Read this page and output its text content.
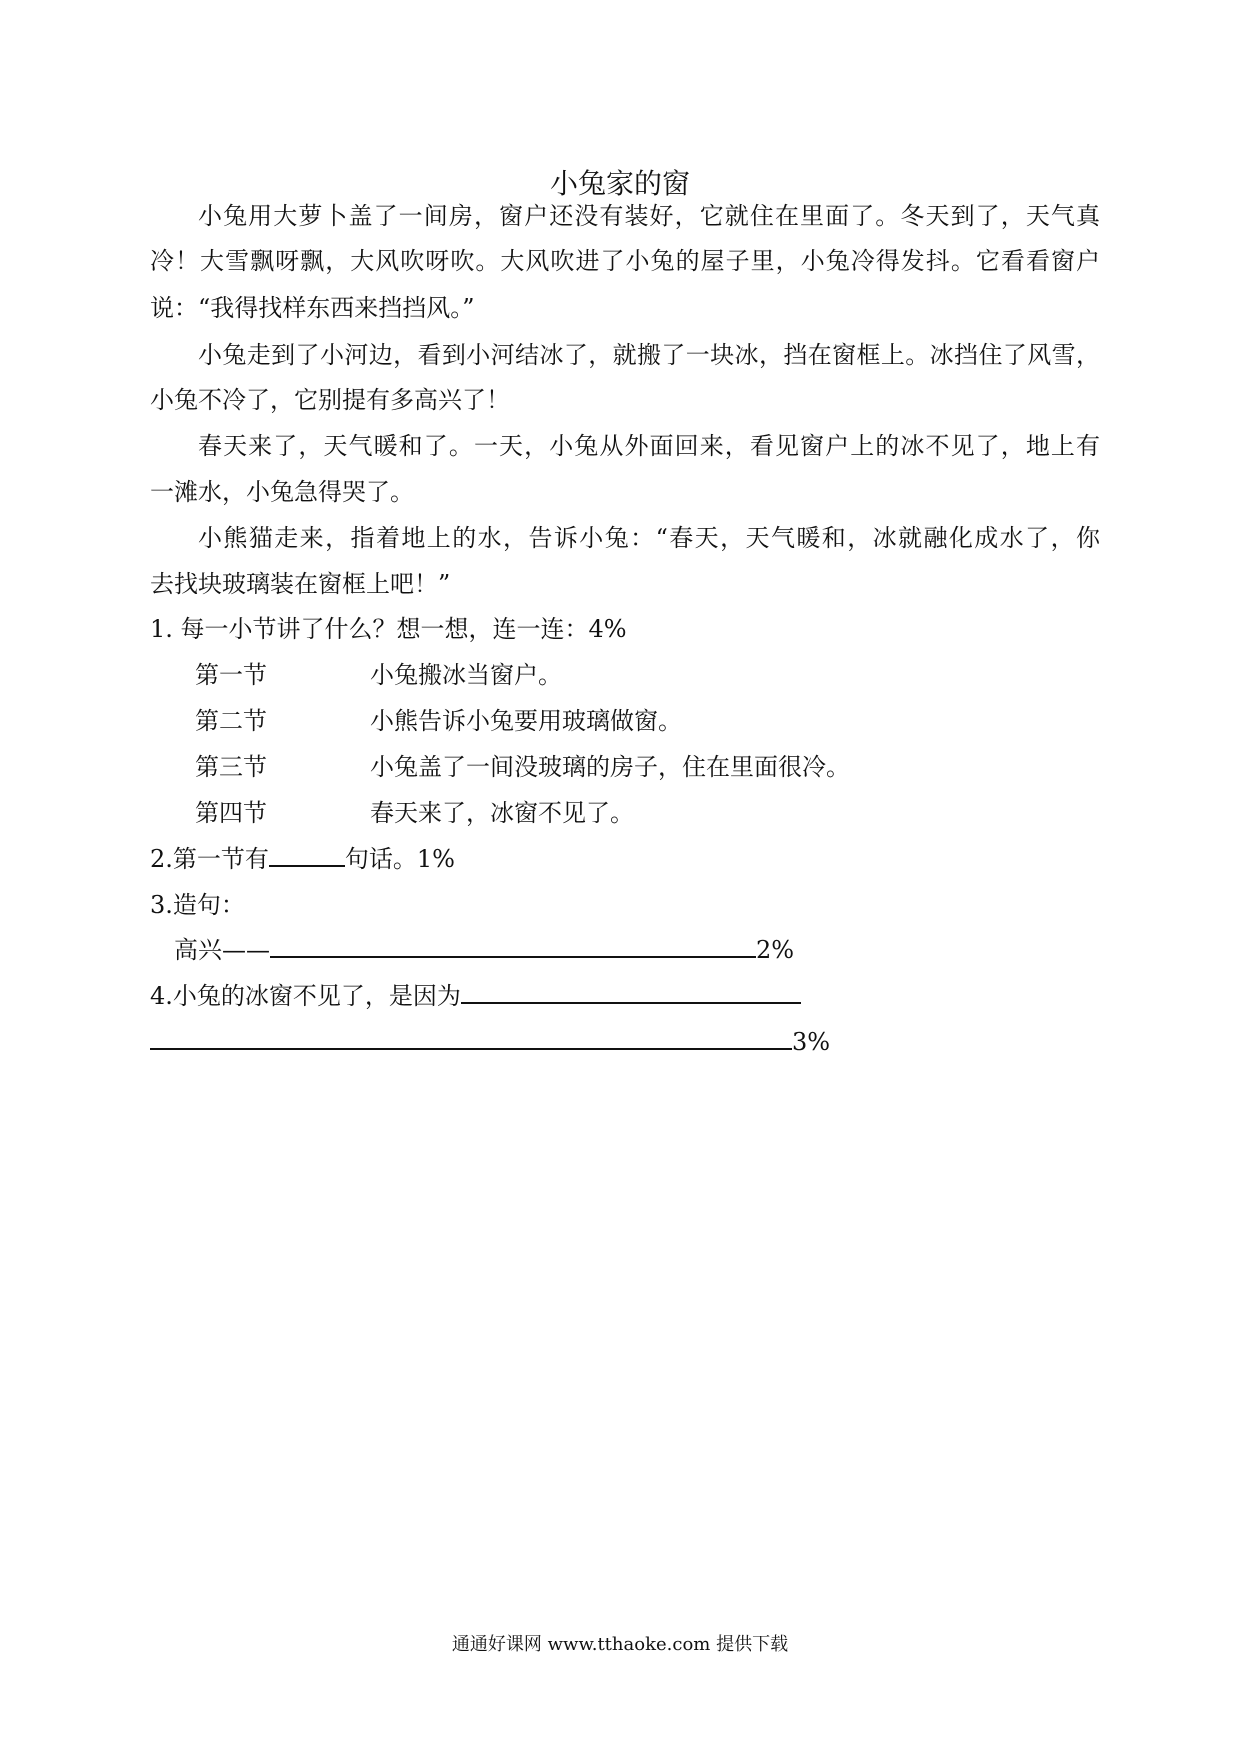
小兔家的窗
小兔用大萝卜盖了一间房，窗户还没有装好，它就住在里面了。冬天到了，天气真
冷！大雪飘呀飘，大风吹呀吹。大风吹进了小兔的屋子里，小兔冷得发抖。它看看窗户
说：“我得找样东西来挡挡风。”
小兔走到了小河边，看到小河结冰了，就搬了一块冰，挡在窗框上。冰挡住了风雪，
小兔不冷了，它别提有多高兴了！
春天来了，天气暖和了。一天，小兔从外面回来，看见窗户上的冰不见了，地上有
一滩水，小兔急得哭了。
小熊猫走来，指着地上的水，告诉小兔：“春天，天气暖和，冰就融化成水了，你
去找块玻璃装在窗框上吧！”
1. 每一小节讲了什么？想一想，连一连：4%
第一节	小兔搬冰当窗户。
第二节	小熊告诉小兔要用玻璃做窗。
第三节	小兔盖了一间没玻璃的房子，住在里面很冷。
第四节	春天来了，冰窗不见了。
2.第一节有	句话。1%
3.造句：
高兴——	2%
4.小兔的冰窗不见了，是因为
3%
通通好课网 www.tthaoke.com 提供下载
